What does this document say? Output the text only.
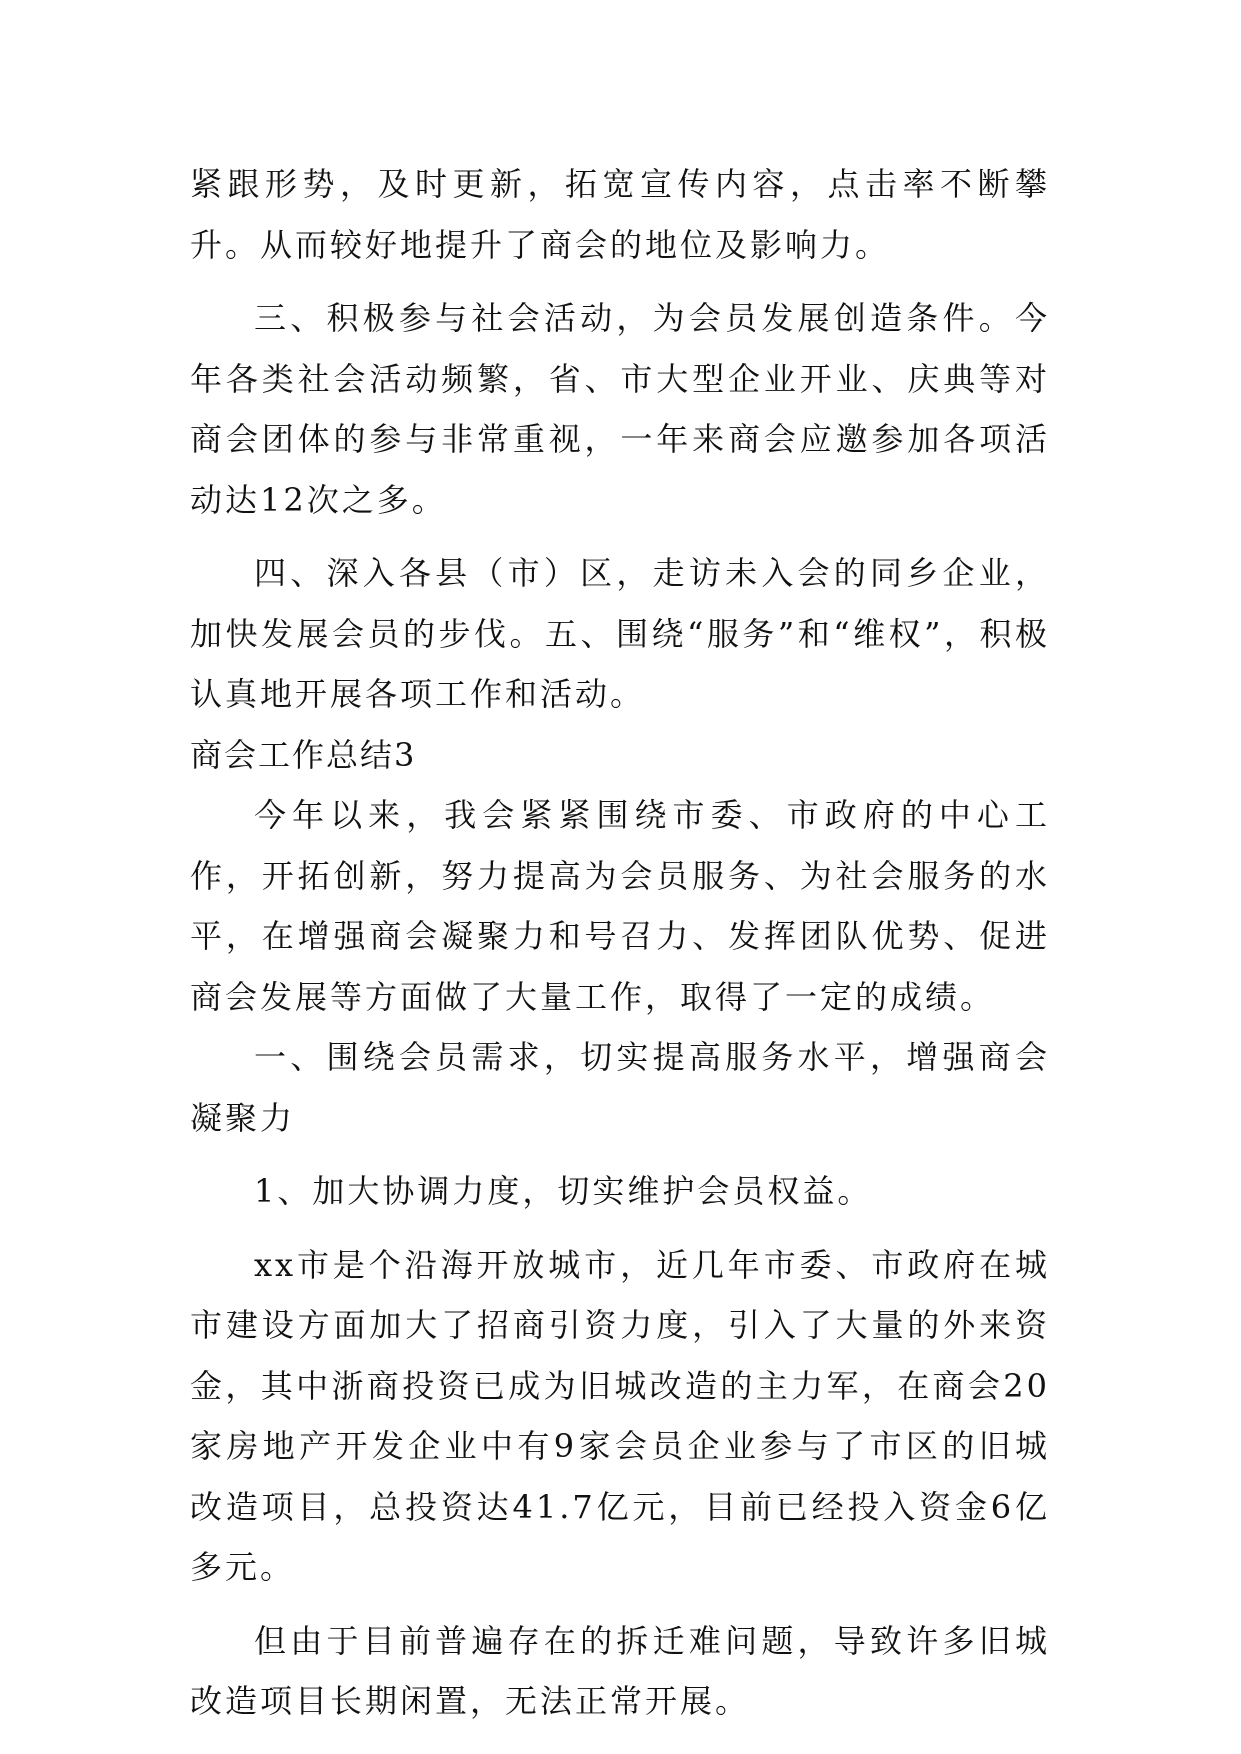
紧跟形势，及时更新，拓宽宣传内容，点击率不断攀升。从而较好地提升了商会的地位及影响力。

三、积极参与社会活动，为会员发展创造条件。今年各类社会活动频繁，省、市大型企业开业、庆典等对商会团体的参与非常重视，一年来商会应邀参加各项活动达12次之多。

四、深入各县（市）区，走访未入会的同乡企业，加快发展会员的步伐。五、围绕“服务”和“维权”，积极认真地开展各项工作和活动。

商会工作总结3

今年以来，我会紧紧围绕市委、市政府的中心工作，开拓创新，努力提高为会员服务、为社会服务的水平，在增强商会凝聚力和号召力、发挥团队优势、促进商会发展等方面做了大量工作，取得了一定的成绩。

一、围绕会员需求，切实提高服务水平，增强商会凝聚力

1、加大协调力度，切实维护会员权益。

xx市是个沿海开放城市，近几年市委、市政府在城市建设方面加大了招商引资力度，引入了大量的外来资金，其中浙商投资已成为旧城改造的主力军，在商会20家房地产开发企业中有9家会员企业参与了市区的旧城改造项目，总投资达41.7亿元，目前已经投入资金6亿多元。

但由于目前普遍存在的拆迁难问题，导致许多旧城改造项目长期闲置，无法正常开展。
